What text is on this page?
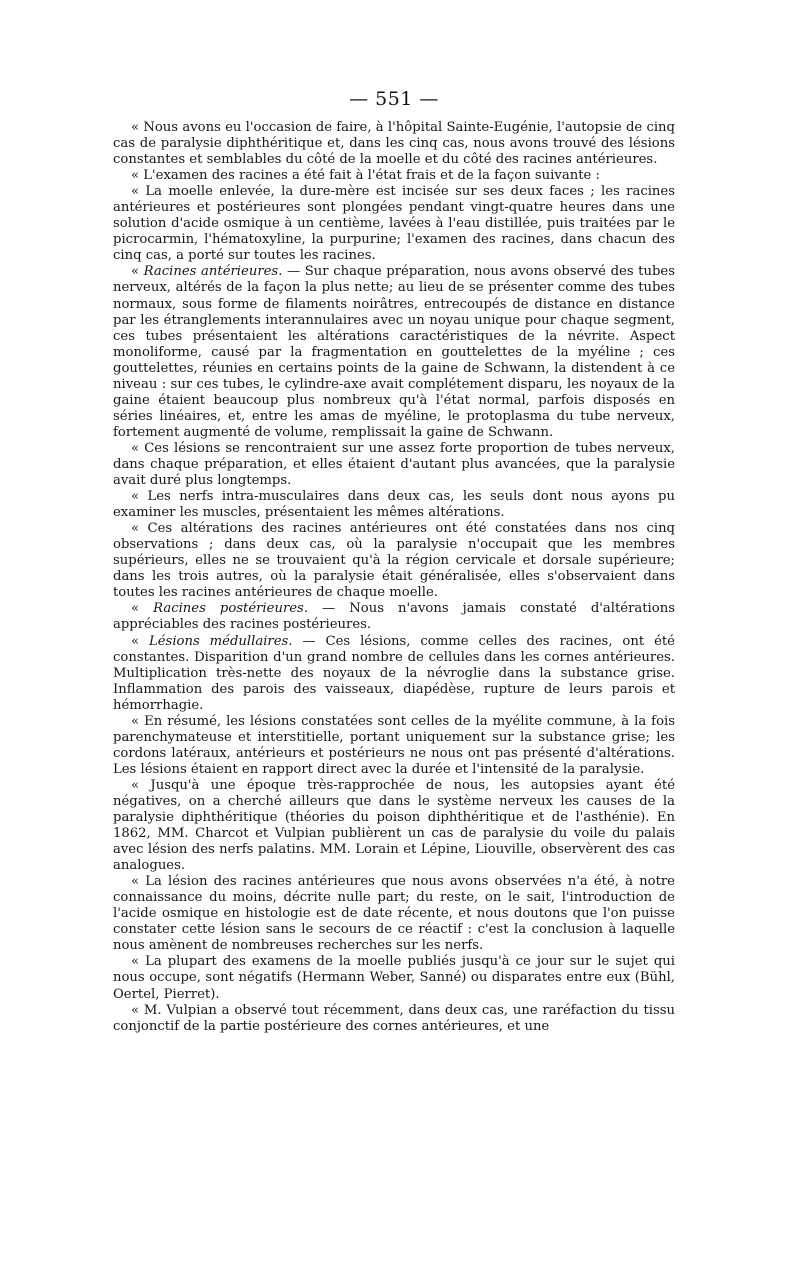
— 551 —

« Nous avons eu l'occasion de faire, à l'hôpital Sainte-Eugénie, l'autopsie de cinq cas de paralysie diphthéritique et, dans les cinq cas, nous avons trouvé des lésions constantes et semblables du côté de la moelle et du côté des racines antérieures.

« L'examen des racines a été fait à l'état frais et de la façon suivante :

« La moelle enlevée, la dure-mère est incisée sur ses deux faces ; les racines antérieures et postérieures sont plongées pendant vingt-quatre heures dans une solution d'acide osmique à un centième, lavées à l'eau distillée, puis traitées par le picrocarmin, l'hématoxyline, la purpurine; l'examen des racines, dans chacun des cinq cas, a porté sur toutes les racines.

« Racines antérieures. — Sur chaque préparation, nous avons observé des tubes nerveux, altérés de la façon la plus nette; au lieu de se présenter comme des tubes normaux, sous forme de filaments noirâtres, entrecoupés de distance en distance par les étranglements interannulaires avec un noyau unique pour chaque segment, ces tubes présentaient les altérations caractéristiques de la névrite. Aspect monoliforme, causé par la fragmentation en gouttelettes de la myéline ; ces gouttelettes, réunies en certains points de la gaine de Schwann, la distendent à ce niveau : sur ces tubes, le cylindre-axe avait complétement disparu, les noyaux de la gaine étaient beaucoup plus nombreux qu'à l'état normal, parfois disposés en séries linéaires, et, entre les amas de myéline, le protoplasma du tube nerveux, fortement augmenté de volume, remplissait la gaine de Schwann.

« Ces lésions se rencontraient sur une assez forte proportion de tubes nerveux, dans chaque préparation, et elles étaient d'autant plus avancées, que la paralysie avait duré plus longtemps.

« Les nerfs intra-musculaires dans deux cas, les seuls dont nous ayons pu examiner les muscles, présentaient les mêmes altérations.

« Ces altérations des racines antérieures ont été constatées dans nos cinq observations ; dans deux cas, où la paralysie n'occupait que les membres supérieurs, elles ne se trouvaient qu'à la région cervicale et dorsale supérieure; dans les trois autres, où la paralysie était généralisée, elles s'observaient dans toutes les racines antérieures de chaque moelle.

« Racines postérieures. — Nous n'avons jamais constaté d'altérations appréciables des racines postérieures.

« Lésions médullaires. — Ces lésions, comme celles des racines, ont été constantes. Disparition d'un grand nombre de cellules dans les cornes antérieures. Multiplication très-nette des noyaux de la névroglie dans la substance grise. Inflammation des parois des vaisseaux, diapédèse, rupture de leurs parois et hémorrhagie.

« En résumé, les lésions constatées sont celles de la myélite commune, à la fois parenchymateuse et interstitielle, portant uniquement sur la substance grise; les cordons latéraux, antérieurs et postérieurs ne nous ont pas présenté d'altérations. Les lésions étaient en rapport direct avec la durée et l'intensité de la paralysie.

« Jusqu'à une époque très-rapprochée de nous, les autopsies ayant été négatives, on a cherché ailleurs que dans le système nerveux les causes de la paralysie diphthéritique (théories du poison diphthéritique et de l'asthénie). En 1862, MM. Charcot et Vulpian publièrent un cas de paralysie du voile du palais avec lésion des nerfs palatins. MM. Lorain et Lépine, Liouville, observèrent des cas analogues.

« La lésion des racines antérieures que nous avons observées n'a été, à notre connaissance du moins, décrite nulle part; du reste, on le sait, l'introduction de l'acide osmique en histologie est de date récente, et nous doutons que l'on puisse constater cette lésion sans le secours de ce réactif : c'est la conclusion à laquelle nous amènent de nombreuses recherches sur les nerfs.

« La plupart des examens de la moelle publiés jusqu'à ce jour sur le sujet qui nous occupe, sont négatifs (Hermann Weber, Sanné) ou disparates entre eux (Bühl, Oertel, Pierret).

« M. Vulpian a observé tout récemment, dans deux cas, une raréfaction du tissu conjonctif de la partie postérieure des cornes antérieures, et une
